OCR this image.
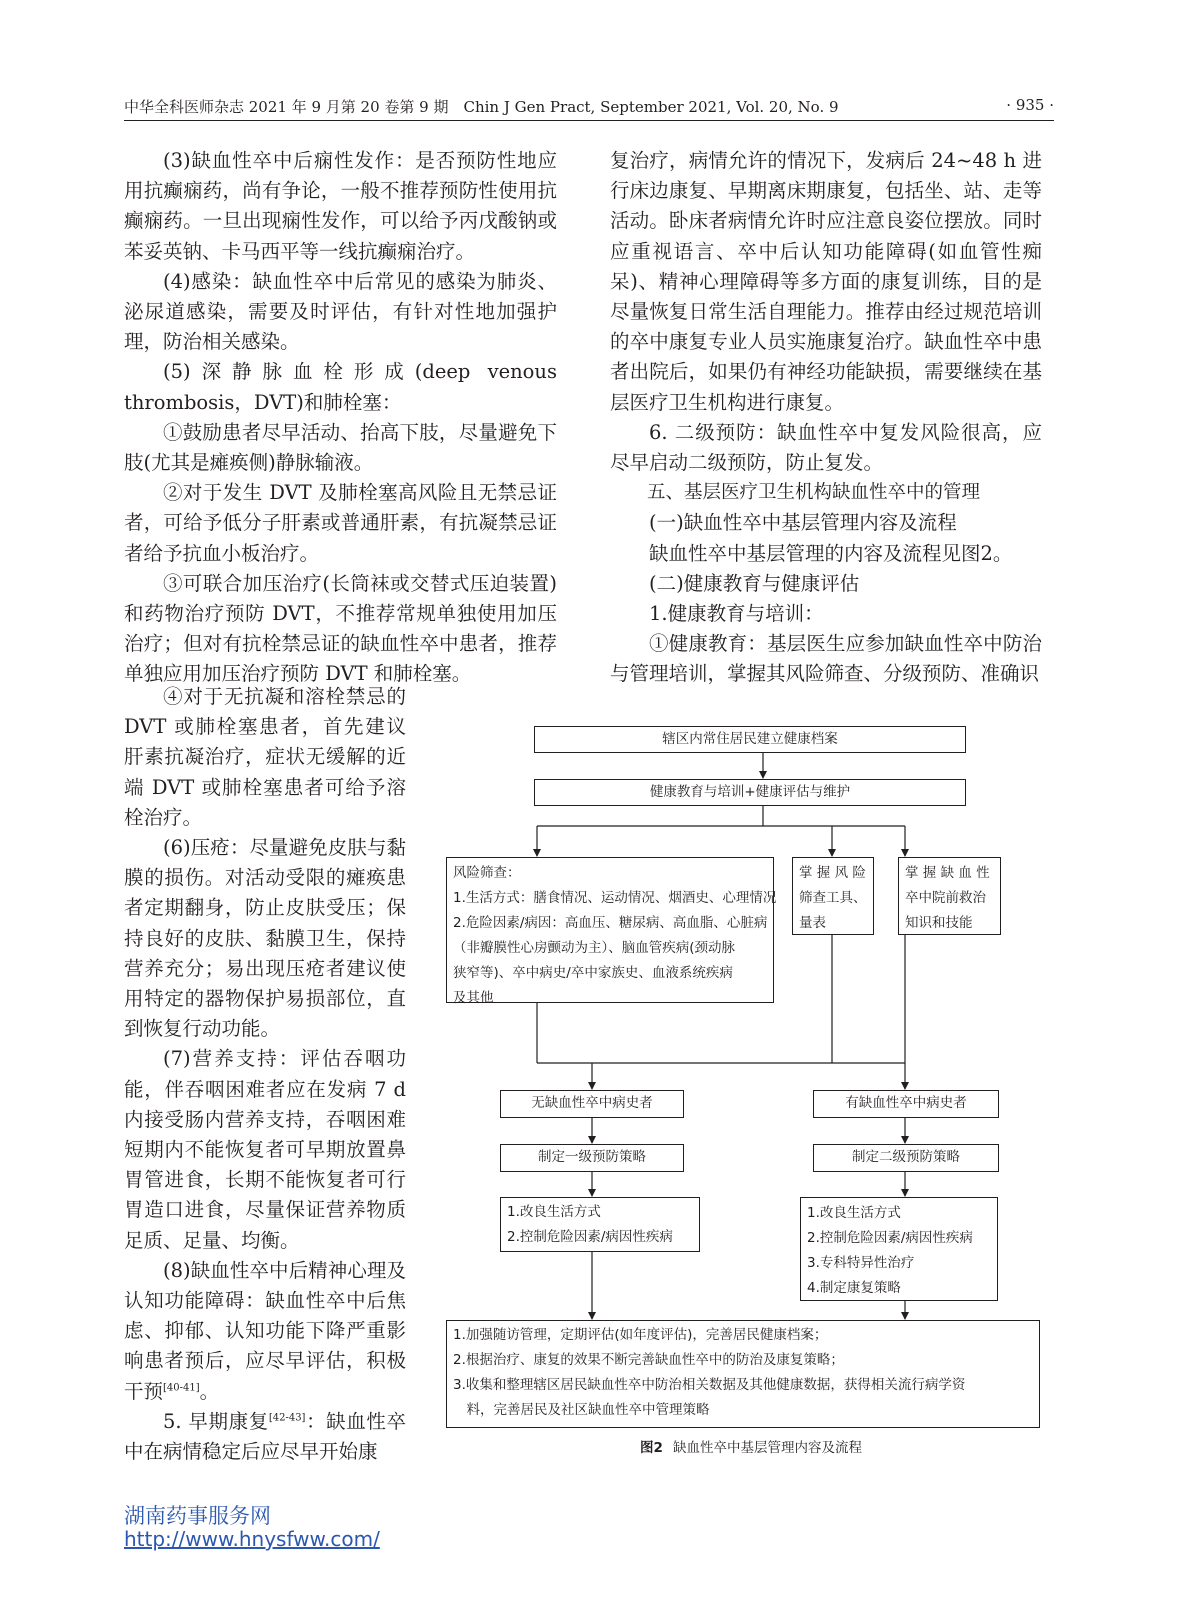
中华全科医师杂志 2021 年 9 月第 20 卷第 9 期　Chin J Gen Pract, September 2021, Vol. 20, No. 9	· 935 ·

(3)缺血性卒中后痫性发作：是否预防性地应用抗癫痫药，尚有争论，一般不推荐预防性使用抗癫痫药。一旦出现痫性发作，可以给予丙戊酸钠或苯妥英钠、卡马西平等一线抗癫痫治疗。

(4)感染：缺血性卒中后常见的感染为肺炎、泌尿道感染，需要及时评估，有针对性地加强护理，防治相关感染。

(5)深静脉血栓形成(deep venous thrombosis，DVT)和肺栓塞：

①鼓励患者尽早活动、抬高下肢，尽量避免下肢(尤其是瘫痪侧)静脉输液。

②对于发生 DVT 及肺栓塞高风险且无禁忌证者，可给予低分子肝素或普通肝素，有抗凝禁忌证者给予抗血小板治疗。

③可联合加压治疗(长筒袜或交替式压迫装置)和药物治疗预防 DVT，不推荐常规单独使用加压治疗；但对有抗栓禁忌证的缺血性卒中患者，推荐单独应用加压治疗预防 DVT 和肺栓塞。

④对于无抗凝和溶栓禁忌的 DVT 或肺栓塞患者，首先建议肝素抗凝治疗，症状无缓解的近端 DVT 或肺栓塞患者可给予溶栓治疗。

(6)压疮：尽量避免皮肤与黏膜的损伤。对活动受限的瘫痪患者定期翻身，防止皮肤受压；保持良好的皮肤、黏膜卫生，保持营养充分；易出现压疮者建议使用特定的器物保护易损部位，直到恢复行动功能。

(7)营养支持：评估吞咽功能，伴吞咽困难者应在发病 7 d 内接受肠内营养支持，吞咽困难短期内不能恢复者可早期放置鼻胃管进食，长期不能恢复者可行胃造口进食，尽量保证营养物质足质、足量、均衡。

(8)缺血性卒中后精神心理及认知功能障碍：缺血性卒中后焦虑、抑郁、认知功能下降严重影响患者预后，应尽早评估，积极干预[40-41]。

5. 早期康复[42-43]：缺血性卒中在病情稳定后应尽早开始康

复治疗，病情允许的情况下，发病后 24~48 h 进行床边康复、早期离床期康复，包括坐、站、走等活动。卧床者病情允许时应注意良姿位摆放。同时应重视语言、卒中后认知功能障碍(如血管性痴呆)、精神心理障碍等多方面的康复训练，目的是尽量恢复日常生活自理能力。推荐由经过规范培训的卒中康复专业人员实施康复治疗。缺血性卒中患者出院后，如果仍有神经功能缺损，需要继续在基层医疗卫生机构进行康复。

6. 二级预防：缺血性卒中复发风险很高，应尽早启动二级预防，防止复发。

五、基层医疗卫生机构缺血性卒中的管理

(一)缺血性卒中基层管理内容及流程

缺血性卒中基层管理的内容及流程见图2。

(二)健康教育与健康评估

1.健康教育与培训：

①健康教育：基层医生应参加缺血性卒中防治与管理培训，掌握其风险筛查、分级预防、准确识

辖区内常住居民建立健康档案
健康教育与培训+健康评估与维护
风险筛查：
1.生活方式：膳食情况、运动情况、烟酒史、心理情况
2.危险因素/病因：高血压、糖尿病、高血脂、心脏病
（非瓣膜性心房颤动为主）、脑血管疾病(颈动脉
狭窄等)、卒中病史/卒中家族史、血液系统疾病
及其他
掌 握 风 险
筛查工具、
量表
掌 握 缺 血 性
卒中院前救治
知识和技能
无缺血性卒中病史者	有缺血性卒中病史者
制定一级预防策略	制定二级预防策略
1.改良生活方式
2.控制危险因素/病因性疾病
1.改良生活方式
2.控制危险因素/病因性疾病
3.专科特异性治疗
4.制定康复策略
1.加强随访管理，定期评估(如年度评估)，完善居民健康档案；
2.根据治疗、康复的效果不断完善缺血性卒中的防治及康复策略；
3.收集和整理辖区居民缺血性卒中防治相关数据及其他健康数据，获得相关流行病学资
　料，完善居民及社区缺血性卒中管理策略
图2 缺血性卒中基层管理内容及流程
湖南药事服务网
http://www.hnysfww.com/
